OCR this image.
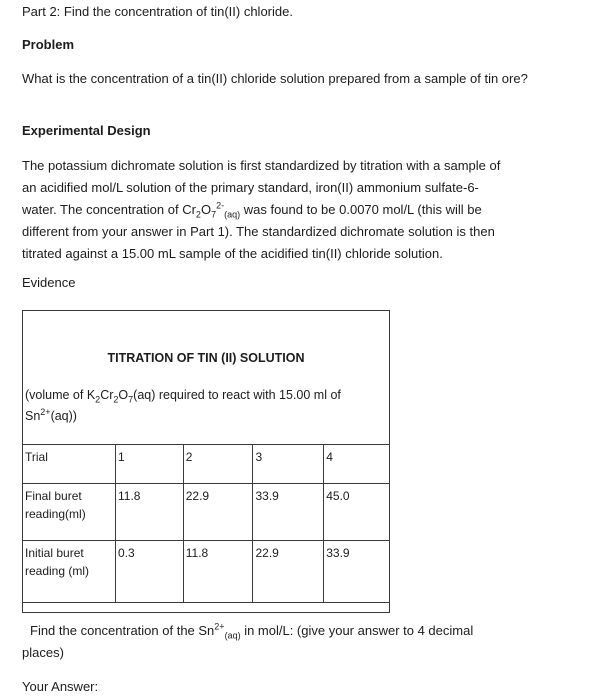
Part 2: Find the concentration of tin(II) chloride.

Problem

What is the concentration of a tin(II) chloride solution prepared from a sample of tin ore?

Experimental Design

The potassium dichromate solution is first standardized by titration with a sample of
an acidified mol/L solution of the primary standard, iron(II) ammonium sulfate-6-
water. The concentration of $Cr_2O_7^{2-}_{(aq)}$ was found to be 0.0070 mol/L (this will be
different from your answer in Part 1). The standardized dichromate solution is then
titrated against a 15.00 mL sample of the acidified tin(II) chloride solution.

Evidence

TITRATION OF TIN (II) SOLUTION
(volume of $K_2Cr_2O_7(aq)$ required to react with 15.00 ml of
$Sn^{2+}(aq)$)
Trial	1	2	3	4
Final buret reading(ml)	11.8	22.9	33.9	45.0
Initial buret reading (ml)	0.3	11.8	22.9	33.9
Find the concentration of the $Sn^{2+}_{(aq)}$ in mol/L: (give your answer to 4 decimal
places)

Your Answer:
